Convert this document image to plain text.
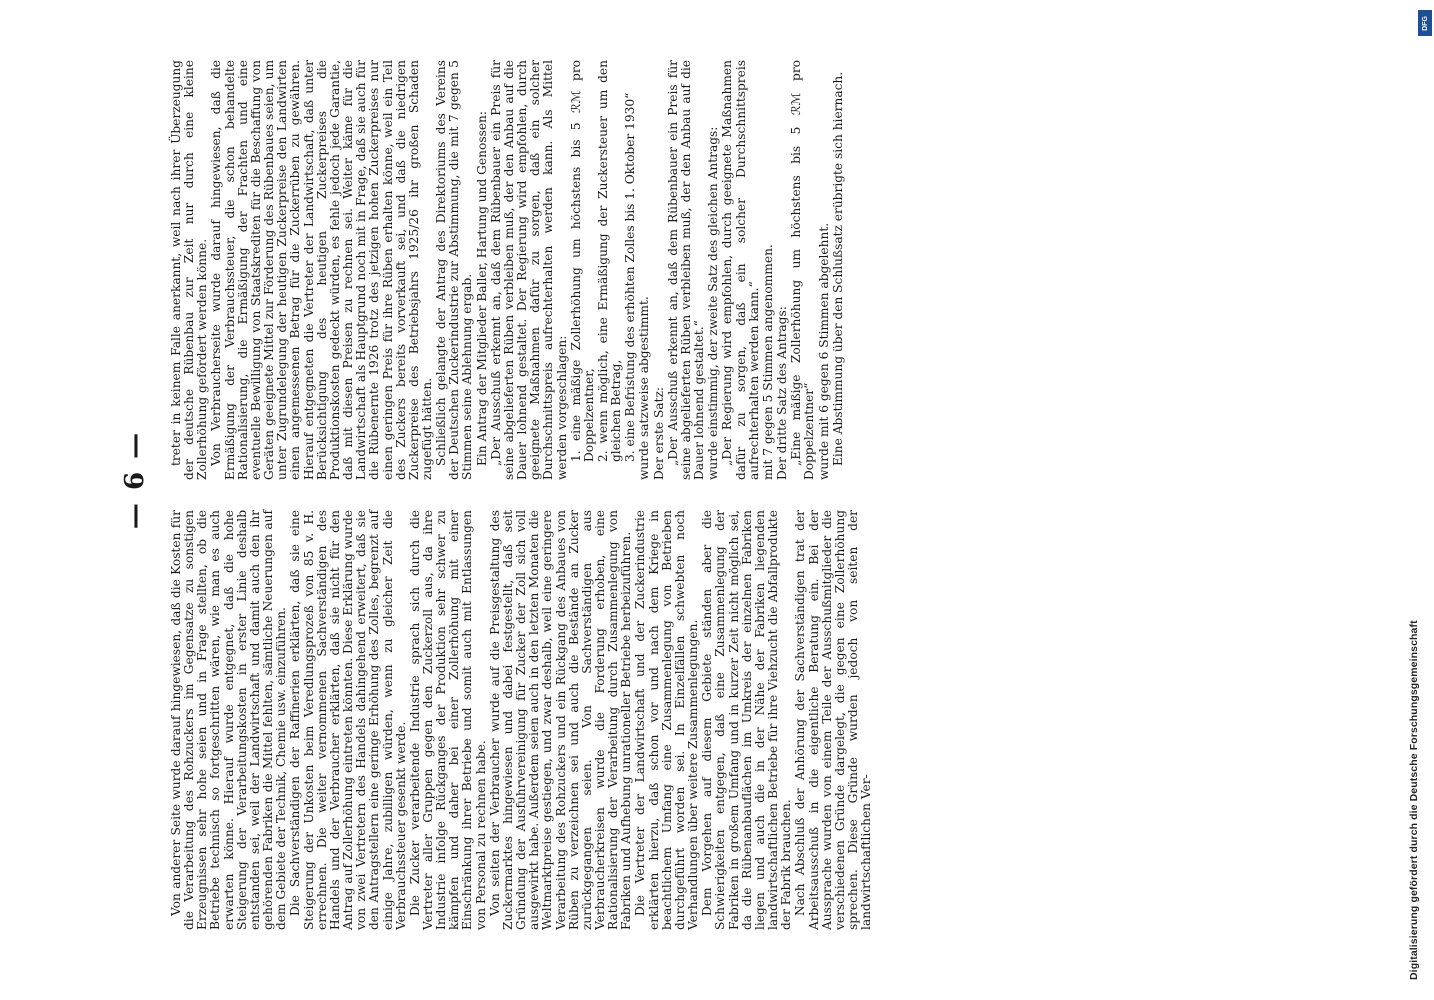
— 6 —

Von anderer Seite wurde darauf hingewiesen, daß die Kosten für die Verarbeitung des Rohzuckers im Gegensatze zu sonstigen Erzeugnissen sehr hohe seien und in Frage stellten, ob die Betriebe technisch so fortgeschritten wären, wie man es auch erwarten könne. Hierauf wurde entgegnet, daß die hohe Steigerung der Verarbeitungskosten in erster Linie deshalb entstanden sei, weil der Landwirtschaft und damit auch den ihr gehörenden Fabriken die Mittel fehlten, sämtliche Neuerungen auf dem Gebiete der Technik, Chemie usw. einzuführen. Die Sachverständigen der Raffinerien erklärten, daß sie eine Steigerung der Unkosten beim Veredlungsprozeß von 85 v. H. errechnen. Die weiter vernommenen Sachverständigen des Handels und der Verbraucher erklärten, daß sie nicht für den Antrag auf Zollerhöhung eintreten könnten. Diese Erklärung wurde von zwei Vertretern des Handels dahingehend erweitert, daß sie den Antragstellern eine geringe Erhöhung des Zolles, begrenzt auf einige Jahre, zubilligen würden, wenn zu gleicher Zeit die Verbrauchssteuer gesenkt werde. Die Zucker verarbeitende Industrie sprach sich durch die Vertreter aller Gruppen gegen den Zuckerzoll aus, da ihre Industrie infolge Rückganges der Produktion sehr schwer zu kämpfen und daher bei einer Zollerhöhung mit einer Einschränkung ihrer Betriebe und somit auch mit Entlassungen von Personal zu rechnen habe. Von seiten der Verbraucher wurde auf die Preisgestaltung des Zuckermarktes hingewiesen und dabei festgestellt, daß seit Gründung der Ausfuhrvereinigung für Zucker der Zoll sich voll ausgewirkt habe. Außerdem seien auch in den letzten Monaten die Weltmarktpreise gestiegen, und zwar deshalb, weil eine geringere Verarbeitung des Rohzuckers und ein Rückgang des Anbaues von Rüben zu verzeichnen sei und auch die Bestände an Zucker zurückgegangen seien. Von Sachverständigen aus Verbraucherkreisen wurde die Forderung erhoben, eine Rationalisierung der Verarbeitung durch Zusammenlegung von Fabriken und Aufhebung unrationeller Betriebe herbeizuführen. Die Vertreter der Landwirtschaft und der Zuckerindustrie erklärten hierzu, daß schon vor und nach dem Kriege in beachtlichem Umfang eine Zusammenlegung von Betrieben durchgeführt worden sei. In Einzelfällen schwebten noch Verhandlungen über weitere Zusammenlegungen. Dem Vorgehen auf diesem Gebiete ständen aber die Schwierigkeiten entgegen, daß eine Zusammenlegung der Fabriken in großem Umfang und in kurzer Zeit nicht möglich sei, da die Rübenanbauflächen im Umkreis der einzelnen Fabriken liegen und auch die in der Nähe der Fabriken liegenden landwirtschaftlichen Betriebe für ihre Viehzucht die Abfallprodukte der Fabrik brauchen. Nach Abschluß der Anhörung der Sachverständigen trat der Arbeitsausschuß in die eigentliche Beratung ein. Bei der Aussprache wurden von einem Teile der Ausschußmitglieder die verschiedenen Gründe dargelegt, die gegen eine Zollerhöhung sprechen. Diese Gründe wurden jedoch von seiten der landwirtschaftlichen Ver-

treter in keinem Falle anerkannt, weil nach ihrer Überzeugung der deutsche Rübenbau zur Zeit nur durch eine kleine Zollerhöhung gefördert werden könne. Von Verbraucherseite wurde darauf hingewiesen, daß die Ermäßigung der Verbrauchssteuer, die schon behandelte Rationalisierung, die Ermäßigung der Frachten und eine eventuelle Bewilligung von Staatskrediten für die Beschaffung von Geräten geeignete Mittel zur Förderung des Rübenbaues seien, um unter Zugrundelegung der heutigen Zuckerpreise den Landwirten einen angemessenen Betrag für die Zuckerrüben zu gewähren. Hierauf entgegneten die Vertreter der Landwirtschaft, daß unter Berücksichtigung des heutigen Zuckerpreises die Produktionskosten gedeckt würden, es fehle jedoch jede Garantie, daß mit diesen Preisen zu rechnen sei. Weiter käme für die Landwirtschaft als Hauptgrund noch mit in Frage, daß sie auch für die Rübenernte 1926 trotz des jetzigen hohen Zuckerpreises nur einen geringen Preis für ihre Rüben erhalten könne, weil ein Teil des Zuckers bereits vorverkauft sei, und daß die niedrigen Zuckerpreise des Betriebsjahrs 1925/26 ihr großen Schaden zugefügt hätten. Schließlich gelangte der Antrag des Direktoriums des Vereins der Deutschen Zuckerindustrie zur Abstimmung, die mit 7 gegen 5 Stimmen seine Ablehnung ergab. Ein Antrag der Mitglieder Baller, Hartung und Genossen: „Der Ausschuß erkennt an, daß dem Rübenbauer ein Preis für seine abgelieferten Rüben verbleiben muß, der den Anbau auf die Dauer lohnend gestaltet. Der Regierung wird empfohlen, durch geeignete Maßnahmen dafür zu sorgen, daß ein solcher Durchschnittspreis aufrechterhalten werden kann. Als Mittel werden vorgeschlagen: 1. eine mäßige Zollerhöhung um höchstens bis 5 ℛℳ pro Doppelzentner, 2. wenn möglich, eine Ermäßigung der Zuckersteuer um den gleichen Betrag, 3. eine Befristung des erhöhten Zolles bis 1. Oktober 1930“ wurde satzweise abgestimmt. Der erste Satz: „Der Ausschuß erkennt an, daß dem Rübenbauer ein Preis für seine abgelieferten Rüben verbleiben muß, der den Anbau auf die Dauer lohnend gestaltet.“ wurde einstimmig, der zweite Satz des gleichen Antrags: „Der Regierung wird empfohlen, durch geeignete Maßnahmen dafür zu sorgen, daß ein solcher Durchschnittspreis aufrechterhalten werden kann.“ mit 7 gegen 5 Stimmen angenommen. Der dritte Satz des Antrags: „Eine mäßige Zollerhöhung um höchstens bis 5 ℛℳ pro Doppelzentner“ wurde mit 6 gegen 6 Stimmen abgelehnt. Eine Abstimmung über den Schlußsatz erübrigte sich hiernach.

DFG
Digitalisierung gefördert durch die Deutsche Forschungsgemeinschaft
